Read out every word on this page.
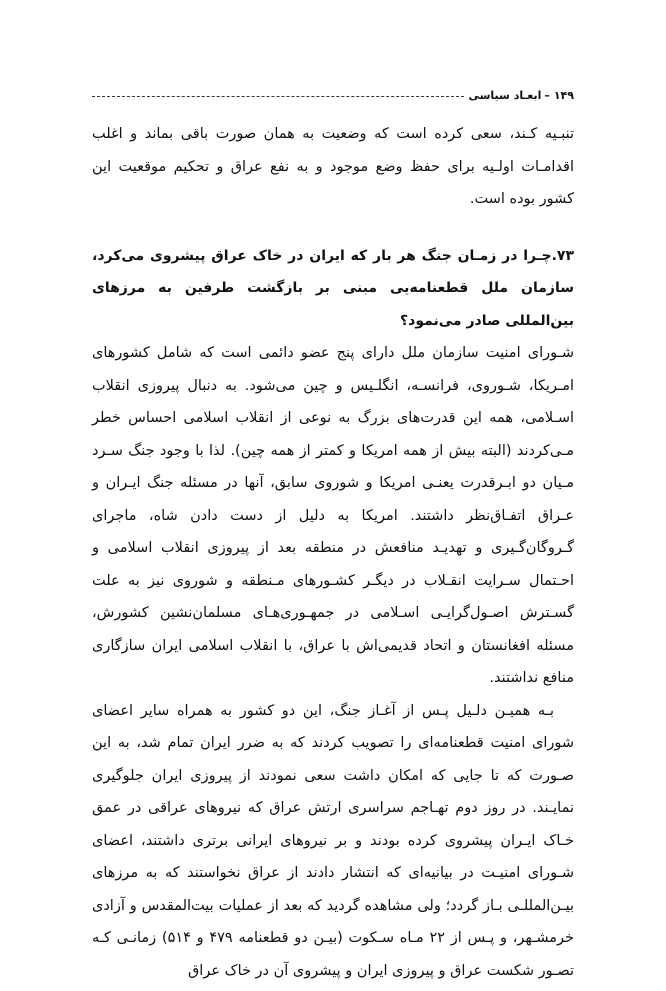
۱۴۹
–
ابعـاد سیاسی

تنبـیه کـند، سعی کرده است که وضعیت به همان صورت باقی بماند و اغلب اقدامـات اولـیه برای حفظ وضع موجود و به نفع عراق و تحکیم موقعیت این کشور بوده است.

۷۳.چـرا در زمـان جنگ هر بار که ایران در خاک عراق پیشروی می‌کرد، سازمان ملل قطعنامه‌یی مبنی بر بازگشت طرفین به مرزهای بین‌المللی صادر می‌نمود؟

شـورای امنیت سازمان ملل دارای پنج عضو دائمی است که شامل کشورهای امـریکا، شـوروی، فرانسـه، انگلـیس و چین می‌شود. به دنبال پیروزی انقلاب اسـلامی، همه این قدرت‌های بزرگ به نوعی از انقلاب اسلامی احساس خطر مـی‌کردند (البته بیش از همه امریکا و کمتر از همه چین). لذا با وجود جنگ سـرد مـیان دو ابـرقدرت یعنـی امریکا و شوروی سابق، آنها در مسئله جنگ ایـران و عـراق اتفـاق‌نظر داشتند. امریکا به دلیل از دست دادن شاه، ماجرای گـروگان‌گـیری و تهدیـد منافعش در منطقه بعد از پیروزی انقلاب اسلامی و احـتمال سـرایت انقـلاب در دیگـر کشـورهای مـنطقه و شوروی نیز به علت گسـترش اصـول‌گرایـی اسـلامی در جمهـوری‌هـای مسلمان‌نشین کشورش، مسئله افغانستان و اتحاد قدیمی‌اش با عراق، با انقلاب اسلامی ایران سازگاری منافع نداشتند.

بـه همیـن دلـیل پـس از آغـاز جنگ، این دو کشور به همراه سایر اعضای شورای امنیت قطعنامه‌ای را تصویب کردند که به ضرر ایران تمام شد، به این صـورت که تا جایی که امکان داشت سعی نمودند از پیروزی ایران جلوگیری نمایـند. در روز دوم تهـاجم سراسری ارتش عراق که نیروهای عراقی در عمق خـاک ایـران پیشروی کرده بودند و بر نیروهای ایرانی برتری داشتند، اعضای شـورای امنیـت در بیانیه‌ای که انتشار دادند از عراق نخواستند که به مرزهای بیـن‌المللـی بـاز گردد؛ ولی مشاهده گردید که بعد از عملیات بیت‌المقدس و آزادی خرمشـهر، و پـس از ۲۲ مـاه سـکوت (بیـن دو قطعنامه ۴۷۹ و ۵۱۴) زمانـی کـه تصـور شکست عراق و پیروزی ایران و پیشروی آن در خاک عراق
